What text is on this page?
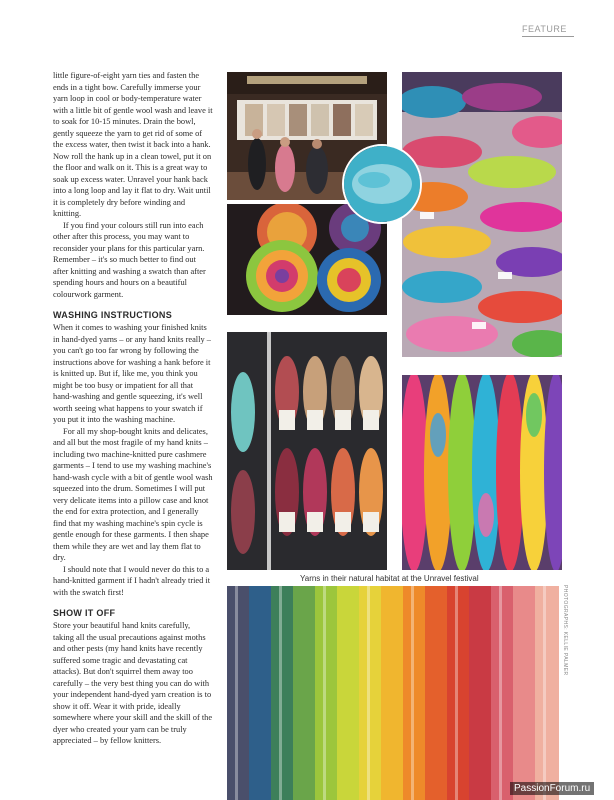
FEATURE

little figure-of-eight yarn ties and fasten the ends in a tight bow. Carefully immerse your yarn loop in cool or body-temperature water with a little bit of gentle wool wash and leave it to soak for 10-15 minutes. Drain the bowl, gently squeeze the yarn to get rid of some of the excess water, then twist it back into a hank. Now roll the hank up in a clean towel, put it on the floor and walk on it. This is a great way to soak up excess water. Unravel your hank back into a long loop and lay it flat to dry. Wait until it is completely dry before winding and knitting.

If you find your colours still run into each other after this process, you may want to reconsider your plans for this particular yarn. Remember – it's so much better to find out after knitting and washing a swatch than after spending hours and hours on a beautiful colourwork garment.

WASHING INSTRUCTIONS

When it comes to washing your finished knits in hand-dyed yarns – or any hand knits really – you can't go too far wrong by following the instructions above for washing a hank before it is knitted up. But if, like me, you think you might be too busy or impatient for all that hand-washing and gentle squeezing, it's well worth seeing what happens to your swatch if you put it into the washing machine.

For all my shop-bought knits and delicates, and all but the most fragile of my hand knits – including two machine-knitted pure cashmere garments – I tend to use my washing machine's hand-wash cycle with a bit of gentle wool wash squeezed into the drum. Sometimes I will put very delicate items into a pillow case and knot the end for extra protection, and I generally find that my washing machine's spin cycle is gentle enough for these garments. I then shape them while they are wet and lay them flat to dry.

I should note that I would never do this to a hand-knitted garment if I hadn't already tried it with the swatch first!

SHOW IT OFF

Store your beautiful hand knits carefully, taking all the usual precautions against moths and other pests (my hand knits have recently suffered some tragic and devastating cat attacks). But don't squirrel them away too carefully – the very best thing you can do with your independent hand-dyed yarn creation is to show it off. Wear it with pride, ideally somewhere where your skill and the skill of the dyer who created your yarn can be truly appreciated – by fellow knitters.

Yarns in their natural habitat at the Unravel festival
PHOTOGRAPHS: KELLIE PALMER
PassionForum.ru
